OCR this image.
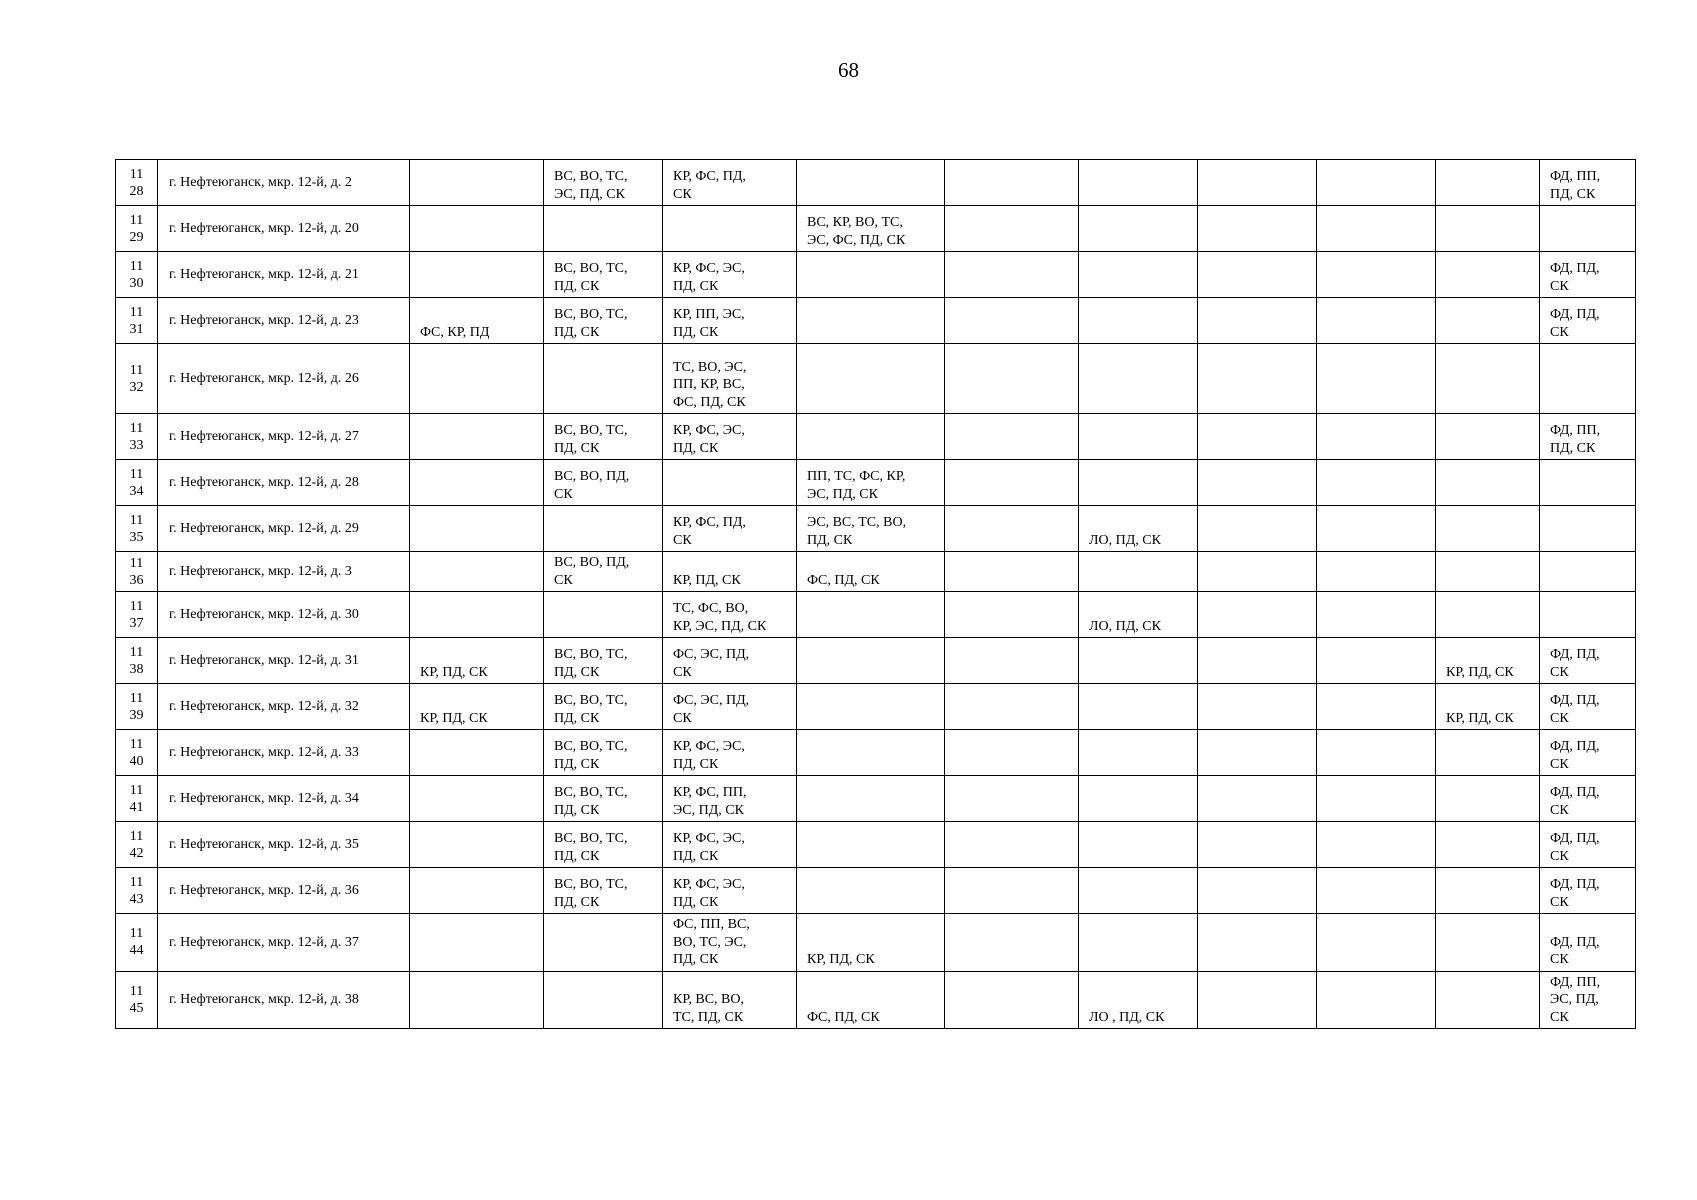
68
11
28	г. Нефтеюганск, мкр. 12-й, д. 2		ВС, ВО, ТС,
ЭС, ПД, СК	КР, ФС, ПД,
СК							ФД, ПП,
ПД, СК
11
29	г. Нефтеюганск, мкр. 12-й, д. 20				ВС, КР, ВО, ТС,
ЭС, ФС, ПД, СК						
11
30	г. Нефтеюганск, мкр. 12-й, д. 21		ВС, ВО, ТС,
ПД, СК	КР, ФС, ЭС,
ПД, СК							ФД, ПД,
СК
11
31	г. Нефтеюганск, мкр. 12-й, д. 23	ФС, КР, ПД	ВС, ВО, ТС,
ПД, СК	КР, ПП, ЭС,
ПД, СК							ФД, ПД,
СК
11
32	г. Нефтеюганск, мкр. 12-й, д. 26			ТС, ВО, ЭС,
ПП, КР, ВС,
ФС, ПД, СК							
11
33	г. Нефтеюганск, мкр. 12-й, д. 27		ВС, ВО, ТС,
ПД, СК	КР, ФС, ЭС,
ПД, СК							ФД, ПП,
ПД, СК
11
34	г. Нефтеюганск, мкр. 12-й, д. 28		ВС, ВО, ПД,
СК		ПП, ТС, ФС, КР,
ЭС, ПД, СК						
11
35	г. Нефтеюганск, мкр. 12-й, д. 29			КР, ФС, ПД,
СК	ЭС, ВС, ТС, ВО,
ПД, СК		ЛО, ПД, СК				
11
36	г. Нефтеюганск, мкр. 12-й, д. 3		ВС, ВО, ПД,
СК	КР, ПД, СК	ФС, ПД, СК						
11
37	г. Нефтеюганск, мкр. 12-й, д. 30			ТС, ФС, ВО,
КР, ЭС, ПД, СК			ЛО, ПД, СК				
11
38	г. Нефтеюганск, мкр. 12-й, д. 31	КР, ПД, СК	ВС, ВО, ТС,
ПД, СК	ФС, ЭС, ПД,
СК						КР, ПД, СК	ФД, ПД,
СК
11
39	г. Нефтеюганск, мкр. 12-й, д. 32	КР, ПД, СК	ВС, ВО, ТС,
ПД, СК	ФС, ЭС, ПД,
СК						КР, ПД, СК	ФД, ПД,
СК
11
40	г. Нефтеюганск, мкр. 12-й, д. 33		ВС, ВО, ТС,
ПД, СК	КР, ФС, ЭС,
ПД, СК							ФД, ПД,
СК
11
41	г. Нефтеюганск, мкр. 12-й, д. 34		ВС, ВО, ТС,
ПД, СК	КР, ФС, ПП,
ЭС, ПД, СК							ФД, ПД,
СК
11
42	г. Нефтеюганск, мкр. 12-й, д. 35		ВС, ВО, ТС,
ПД, СК	КР, ФС, ЭС,
ПД, СК							ФД, ПД,
СК
11
43	г. Нефтеюганск, мкр. 12-й, д. 36		ВС, ВО, ТС,
ПД, СК	КР, ФС, ЭС,
ПД, СК							ФД, ПД,
СК
11
44	г. Нефтеюганск, мкр. 12-й, д. 37			ФС, ПП, ВС,
ВО, ТС, ЭС,
ПД, СК	КР, ПД, СК						ФД, ПД,
СК
11
45	г. Нефтеюганск, мкр. 12-й, д. 38			КР, ВС, ВО,
ТС, ПД, СК	ФС, ПД, СК		ЛО , ПД, СК				ФД, ПП,
ЭС, ПД,
СК
